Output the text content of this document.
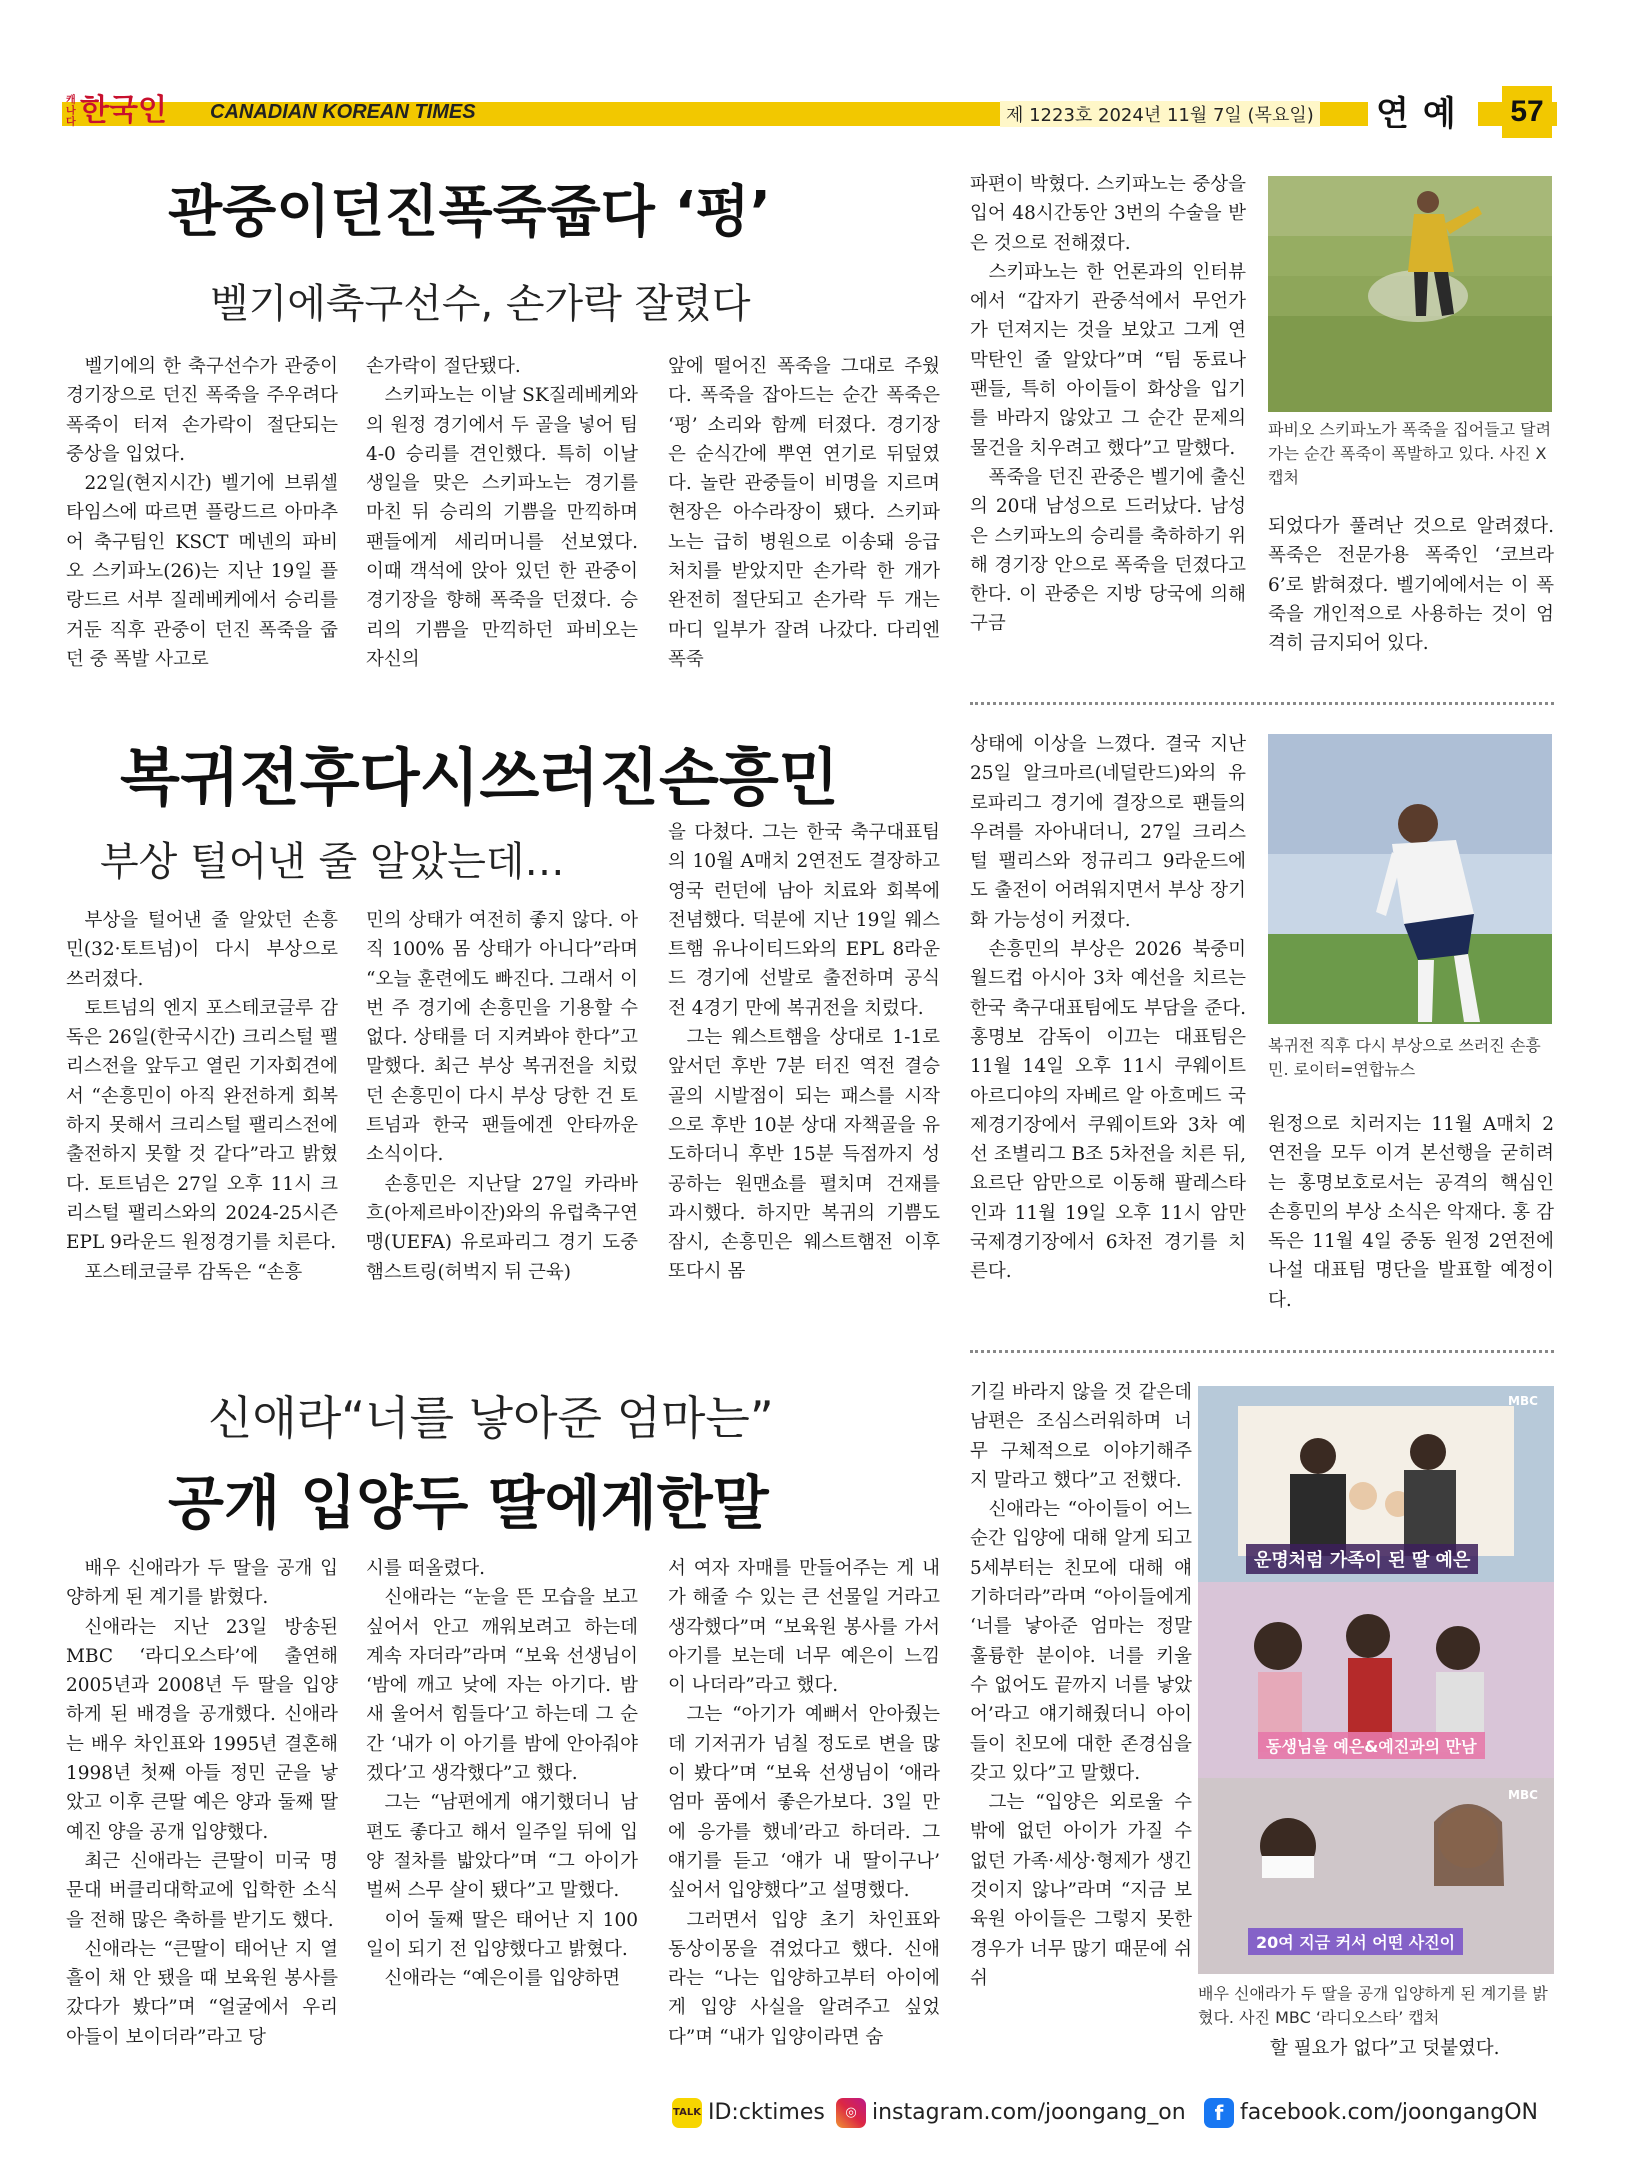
캐나다 한국인	CANADIAN KOREAN TIMES	제 1223호 2024년 11월 7일 (목요일) 연예 57
관중이던진폭죽줍다 ‘펑’
벨기에축구선수, 손가락 잘렸다

벨기에의 한 축구선수가 관중이 경기장으로 던진 폭죽을 주우려다 폭죽이 터져 손가락이 절단되는 중상을 입었다.

22일(현지시간) 벨기에 브뤼셀타임스에 따르면 플랑드르 아마추어 축구팀인 KSCT 메넨의 파비오 스키파노(26)는 지난 19일 플랑드르 서부 질레베케에서 승리를 거둔 직후 관중이 던진 폭죽을 줍던 중 폭발 사고로

손가락이 절단됐다.

스키파노는 이날 SK질레베케와의 원정 경기에서 두 골을 넣어 팀 4-0 승리를 견인했다. 특히 이날 생일을 맞은 스키파노는 경기를 마친 뒤 승리의 기쁨을 만끽하며 팬들에게 세리머니를 선보였다. 이때 객석에 앉아 있던 한 관중이 경기장을 향해 폭죽을 던졌다. 승리의 기쁨을 만끽하던 파비오는 자신의

앞에 떨어진 폭죽을 그대로 주웠다. 폭죽을 잡아드는 순간 폭죽은 ‘펑’ 소리와 함께 터졌다. 경기장은 순식간에 뿌연 연기로 뒤덮였다. 놀란 관중들이 비명을 지르며 현장은 아수라장이 됐다. 스키파노는 급히 병원으로 이송돼 응급 처치를 받았지만 손가락 한 개가 완전히 절단되고 손가락 두 개는 마디 일부가 잘려 나갔다. 다리엔 폭죽

파편이 박혔다. 스키파노는 중상을 입어 48시간동안 3번의 수술을 받은 것으로 전해졌다.

스키파노는 한 언론과의 인터뷰에서 “갑자기 관중석에서 무언가가 던져지는 것을 보았고 그게 연막탄인 줄 알았다”며 “팀 동료나 팬들, 특히 아이들이 화상을 입기를 바라지 않았고 그 순간 문제의 물건을 치우려고 했다”고 말했다.

폭죽을 던진 관중은 벨기에 출신의 20대 남성으로 드러났다. 남성은 스키파노의 승리를 축하하기 위해 경기장 안으로 폭죽을 던졌다고 한다. 이 관중은 지방 당국에 의해 구금

파비오 스키파노가 폭죽을 집어들고 달려가는 순간 폭죽이 폭발하고 있다. 사진 X캡처

되었다가 풀려난 것으로 알려졌다. 폭죽은 전문가용 폭죽인 ‘코브라 6’로 밝혀졌다. 벨기에에서는 이 폭죽을 개인적으로 사용하는 것이 엄격히 금지되어 있다.

복귀전후다시쓰러진손흥민
부상 털어낸 줄 알았는데…

부상을 털어낸 줄 알았던 손흥민(32·토트넘)이 다시 부상으로 쓰러졌다.

토트넘의 엔지 포스테코글루 감독은 26일(한국시간) 크리스털 팰리스전을 앞두고 열린 기자회견에서 “손흥민이 아직 완전하게 회복하지 못해서 크리스털 팰리스전에 출전하지 못할 것 같다”라고 밝혔다. 토트넘은 27일 오후 11시 크리스털 팰리스와의 2024-25시즌 EPL 9라운드 원정경기를 치른다.

포스테코글루 감독은 “손흥

민의 상태가 여전히 좋지 않다. 아직 100% 몸 상태가 아니다”라며 “오늘 훈련에도 빠진다. 그래서 이번 주 경기에 손흥민을 기용할 수 없다. 상태를 더 지켜봐야 한다”고 말했다. 최근 부상 복귀전을 치렀던 손흥민이 다시 부상 당한 건 토트넘과 한국 팬들에겐 안타까운 소식이다.

손흥민은 지난달 27일 카라바흐(아제르바이잔)와의 유럽축구연맹(UEFA) 유로파리그 경기 도중 햄스트링(허벅지 뒤 근육)

을 다쳤다. 그는 한국 축구대표팀의 10월 A매치 2연전도 결장하고 영국 런던에 남아 치료와 회복에 전념했다. 덕분에 지난 19일 웨스트햄 유나이티드와의 EPL 8라운드 경기에 선발로 출전하며 공식전 4경기 만에 복귀전을 치렀다.

그는 웨스트햄을 상대로 1-1로 앞서던 후반 7분 터진 역전 결승 골의 시발점이 되는 패스를 시작으로 후반 10분 상대 자책골을 유도하더니 후반 15분 득점까지 성공하는 원맨쇼를 펼치며 건재를 과시했다. 하지만 복귀의 기쁨도 잠시, 손흥민은 웨스트햄전 이후 또다시 몸

상태에 이상을 느꼈다. 결국 지난 25일 알크마르(네덜란드)와의 유로파리그 경기에 결장으로 팬들의 우려를 자아내더니, 27일 크리스털 팰리스와 정규리그 9라운드에도 출전이 어려워지면서 부상 장기화 가능성이 커졌다.

손흥민의 부상은 2026 북중미 월드컵 아시아 3차 예선을 치르는 한국 축구대표팀에도 부담을 준다. 홍명보 감독이 이끄는 대표팀은 11월 14일 오후 11시 쿠웨이트 아르디야의 자베르 알 아흐메드 국제경기장에서 쿠웨이트와 3차 예선 조별리그 B조 5차전을 치른 뒤, 요르단 암만으로 이동해 팔레스타인과 11월 19일 오후 11시 암만 국제경기장에서 6차전 경기를 치른다.

복귀전 직후 다시 부상으로 쓰러진 손흥민. 로이터=연합뉴스

원정으로 치러지는 11월 A매치 2연전을 모두 이겨 본선행을 굳히려는 홍명보호로서는 공격의 핵심인 손흥민의 부상 소식은 악재다. 홍 감독은 11월 4일 중동 원정 2연전에 나설 대표팀 명단을 발표할 예정이다.

신애라“너를 낳아준 엄마는”
공개 입양두 딸에게한말

배우 신애라가 두 딸을 공개 입양하게 된 계기를 밝혔다.

신애라는 지난 23일 방송된 MBC ‘라디오스타’에 출연해 2005년과 2008년 두 딸을 입양하게 된 배경을 공개했다. 신애라는 배우 차인표와 1995년 결혼해 1998년 첫째 아들 정민 군을 낳았고 이후 큰딸 예은 양과 둘째 딸 예진 양을 공개 입양했다.

최근 신애라는 큰딸이 미국 명문대 버클리대학교에 입학한 소식을 전해 많은 축하를 받기도 했다.

신애라는 “큰딸이 태어난 지 열흘이 채 안 됐을 때 보육원 봉사를 갔다가 봤다”며 “얼굴에서 우리 아들이 보이더라”라고 당

시를 떠올렸다.

신애라는 “눈을 뜬 모습을 보고 싶어서 안고 깨워보려고 하는데 계속 자더라”라며 “보육 선생님이 ‘밤에 깨고 낮에 자는 아기다. 밤새 울어서 힘들다’고 하는데 그 순간 ‘내가 이 아기를 밤에 안아줘야겠다’고 생각했다”고 했다.

그는 “남편에게 얘기했더니 남편도 좋다고 해서 일주일 뒤에 입양 절차를 밟았다”며 “그 아이가 벌써 스무 살이 됐다”고 말했다.

이어 둘째 딸은 태어난 지 100일이 되기 전 입양했다고 밝혔다.

신애라는 “예은이를 입양하면

서 여자 자매를 만들어주는 게 내가 해줄 수 있는 큰 선물일 거라고 생각했다”며 “보육원 봉사를 가서 아기를 보는데 너무 예은이 느낌이 나더라”라고 했다.

그는 “아기가 예뻐서 안아줬는데 기저귀가 넘칠 정도로 변을 많이 봤다”며 “보육 선생님이 ‘애라 엄마 품에서 좋은가보다. 3일 만에 응가를 했네’라고 하더라. 그 얘기를 듣고 ‘얘가 내 딸이구나’ 싶어서 입양했다”고 설명했다.

그러면서 입양 초기 차인표와 동상이몽을 겪었다고 했다. 신애라는 “나는 입양하고부터 아이에게 입양 사실을 알려주고 싶었다”며 “내가 입양이라면 숨

기길 바라지 않을 것 같은데 남편은 조심스러워하며 너무 구체적으로 이야기해주지 말라고 했다”고 전했다.

신애라는 “아이들이 어느 순간 입양에 대해 알게 되고 5세부터는 친모에 대해 얘기하더라”라며 “아이들에게 ‘너를 낳아준 엄마는 정말 훌륭한 분이야. 너를 키울 수 없어도 끝까지 너를 낳았어’라고 얘기해줬더니 아이들이 친모에 대한 존경심을 갖고 있다”고 말했다.

그는 “입양은 외로울 수밖에 없던 아이가 가질 수 없던 가족·세상·형제가 생긴 것이지 않나”라며 “지금 보육원 아이들은 그렇지 못한 경우가 너무 많기 때문에 쉬쉬

운명처럼 가족이 된 딸 예은
동생님을 예은&예진과의 만남
20여 지금 커서 어떤 사진이
MBC
MBC
배우 신애라가 두 딸을 공개 입양하게 된 계기를 밝혔다. 사진 MBC ‘라디오스타’ 캡처

할 필요가 없다”고 덧붙였다.

TALK ID:cktimes	◎ instagram.com/joongang_on	f facebook.com/joongangON
